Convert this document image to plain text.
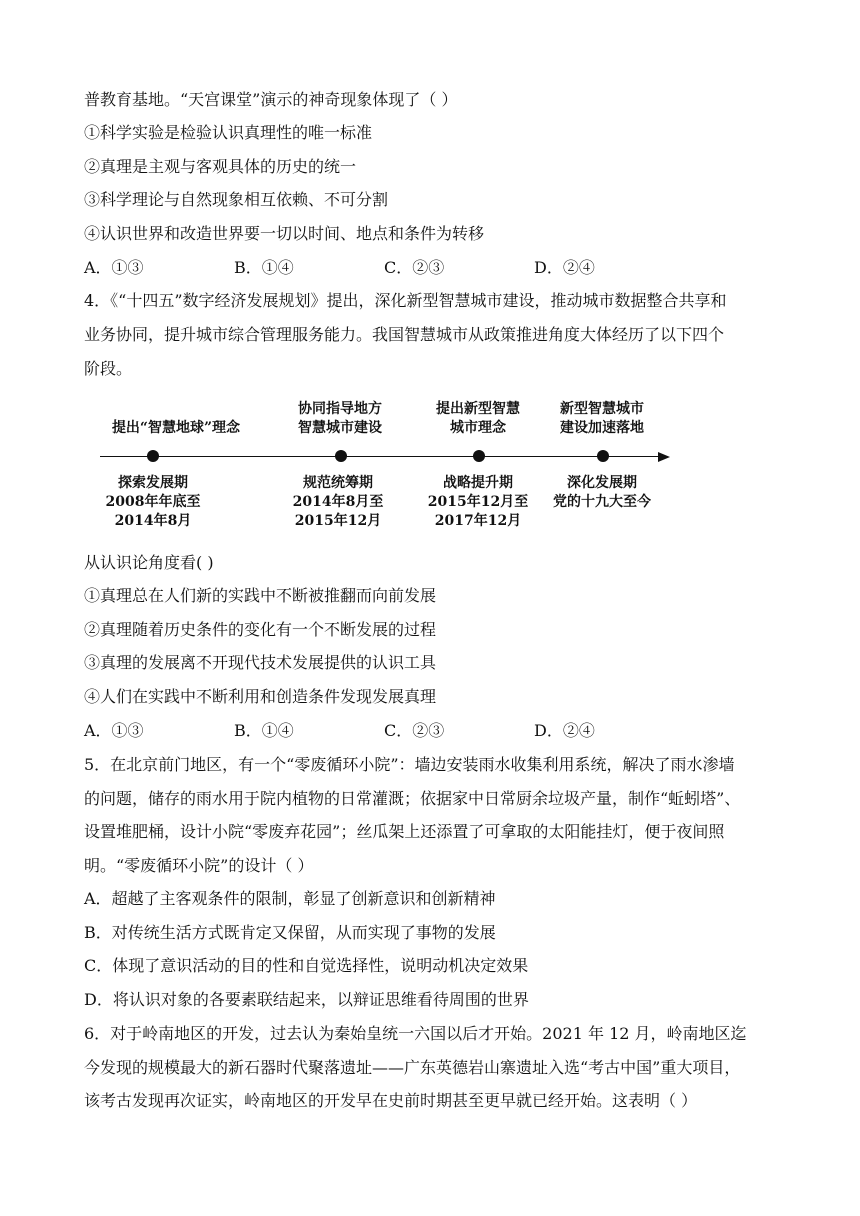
普教育基地。“天宫课堂”演示的神奇现象体现了（ ）
①科学实验是检验认识真理性的唯一标准
②真理是主观与客观具体的历史的统一
③科学理论与自然现象相互依赖、不可分割
④认识世界和改造世界要一切以时间、地点和条件为转移
A．①③	B．①④	C．②③	D．②④
4．《“十四五”数字经济发展规划》提出，深化新型智慧城市建设，推动城市数据整合共享和
业务协同，提升城市综合管理服务能力。我国智慧城市从政策推进角度大体经历了以下四个
阶段。
提出“智慧地球”理念
协同指导地方
智慧城市建设
提出新型智慧
城市理念
新型智慧城市
建设加速落地
探索发展期
2008年年底至
2014年8月
规范统筹期
2014年8月至
2015年12月
战略提升期
2015年12月至
2017年12月
深化发展期
党的十九大至今
从认识论角度看( )
①真理总在人们新的实践中不断被推翻而向前发展
②真理随着历史条件的变化有一个不断发展的过程
③真理的发展离不开现代技术发展提供的认识工具
④人们在实践中不断利用和创造条件发现发展真理
A．①③	B．①④	C．②③	D．②④
5．在北京前门地区，有一个“零废循环小院”：墙边安装雨水收集利用系统，解决了雨水渗墙
的问题，储存的雨水用于院内植物的日常灌溉；依据家中日常厨余垃圾产量，制作“蚯蚓塔”、
设置堆肥桶，设计小院“零废弃花园”；丝瓜架上还添置了可拿取的太阳能挂灯，便于夜间照
明。“零废循环小院”的设计（ ）
A．超越了主客观条件的限制，彰显了创新意识和创新精神
B．对传统生活方式既肯定又保留，从而实现了事物的发展
C．体现了意识活动的目的性和自觉选择性，说明动机决定效果
D．将认识对象的各要素联结起来，以辩证思维看待周围的世界
6．对于岭南地区的开发，过去认为秦始皇统一六国以后才开始。2021 年 12 月，岭南地区迄
今发现的规模最大的新石器时代聚落遗址——广东英德岩山寨遗址入选“考古中国”重大项目，
该考古发现再次证实，岭南地区的开发早在史前时期甚至更早就已经开始。这表明（ ）
